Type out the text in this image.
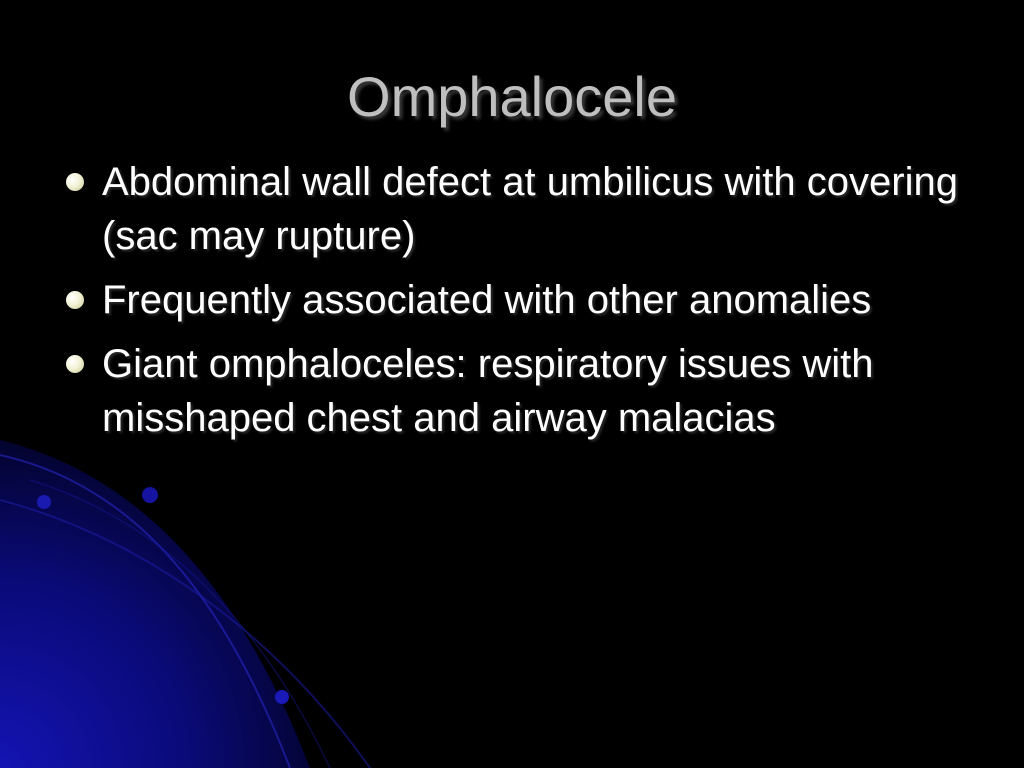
Omphalocele
Abdominal wall defect at umbilicus with covering (sac may rupture)
Frequently associated with other anomalies
Giant omphaloceles: respiratory issues with misshaped chest and airway malacias
